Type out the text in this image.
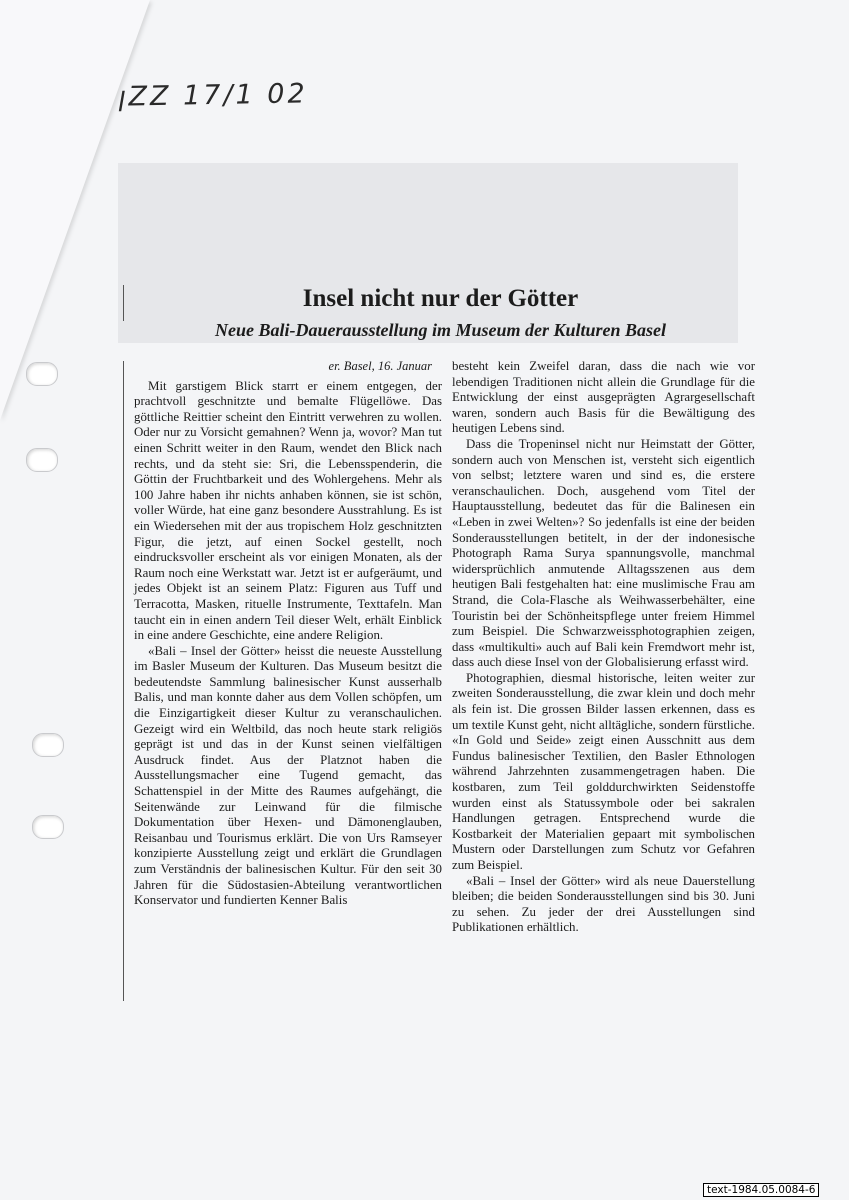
ꞁZZ 17/1 02
Insel nicht nur der Götter
Neue Bali-Dauerausstellung im Museum der Kulturen Basel
er. Basel, 16. Januar

Mit garstigem Blick starrt er einem entgegen, der prachtvoll geschnitzte und bemalte Flügellöwe. Das göttliche Reittier scheint den Eintritt verwehren zu wollen. Oder nur zu Vorsicht gemahnen? Wenn ja, wovor? Man tut einen Schritt weiter in den Raum, wendet den Blick nach rechts, und da steht sie: Sri, die Lebensspenderin, die Göttin der Fruchtbarkeit und des Wohlergehens. Mehr als 100 Jahre haben ihr nichts anhaben können, sie ist schön, voller Würde, hat eine ganz besondere Ausstrahlung. Es ist ein Wiedersehen mit der aus tropischem Holz geschnitzten Figur, die jetzt, auf einen Sockel gestellt, noch eindrucksvoller erscheint als vor einigen Monaten, als der Raum noch eine Werkstatt war. Jetzt ist er aufgeräumt, und jedes Objekt ist an seinem Platz: Figuren aus Tuff und Terracotta, Masken, rituelle Instrumente, Texttafeln. Man taucht ein in einen andern Teil dieser Welt, erhält Einblick in eine andere Geschichte, eine andere Religion.

«Bali – Insel der Götter» heisst die neueste Ausstellung im Basler Museum der Kulturen. Das Museum besitzt die bedeutendste Sammlung balinesischer Kunst ausserhalb Balis, und man konnte daher aus dem Vollen schöpfen, um die Einzigartigkeit dieser Kultur zu veranschaulichen. Gezeigt wird ein Weltbild, das noch heute stark religiös geprägt ist und das in der Kunst seinen vielfältigen Ausdruck findet. Aus der Platznot haben die Ausstellungsmacher eine Tugend gemacht, das Schattenspiel in der Mitte des Raumes aufgehängt, die Seitenwände zur Leinwand für die filmische Dokumentation über Hexen- und Dämonenglauben, Reisanbau und Tourismus erklärt. Die von Urs Ramseyer konzipierte Ausstellung zeigt und erklärt die Grundlagen zum Verständnis der balinesischen Kultur. Für den seit 30 Jahren für die Südostasien-Abteilung verantwortlichen Konservator und fundierten Kenner Balis

besteht kein Zweifel daran, dass die nach wie vor lebendigen Traditionen nicht allein die Grundlage für die Entwicklung der einst ausgeprägten Agrargesellschaft waren, sondern auch Basis für die Bewältigung des heutigen Lebens sind.

Dass die Tropeninsel nicht nur Heimstatt der Götter, sondern auch von Menschen ist, versteht sich eigentlich von selbst; letztere waren und sind es, die erstere veranschaulichen. Doch, ausgehend vom Titel der Hauptausstellung, bedeutet das für die Balinesen ein «Leben in zwei Welten»? So jedenfalls ist eine der beiden Sonderausstellungen betitelt, in der der indonesische Photograph Rama Surya spannungsvolle, manchmal widersprüchlich anmutende Alltagsszenen aus dem heutigen Bali festgehalten hat: eine muslimische Frau am Strand, die Cola-Flasche als Weihwasserbehälter, eine Touristin bei der Schönheitspflege unter freiem Himmel zum Beispiel. Die Schwarzweissphotographien zeigen, dass «multikulti» auch auf Bali kein Fremdwort mehr ist, dass auch diese Insel von der Globalisierung erfasst wird.

Photographien, diesmal historische, leiten weiter zur zweiten Sonderausstellung, die zwar klein und doch mehr als fein ist. Die grossen Bilder lassen erkennen, dass es um textile Kunst geht, nicht alltägliche, sondern fürstliche. «In Gold und Seide» zeigt einen Ausschnitt aus dem Fundus balinesischer Textilien, den Basler Ethnologen während Jahrzehnten zusammengetragen haben. Die kostbaren, zum Teil golddurchwirkten Seidenstoffe wurden einst als Statussymbole oder bei sakralen Handlungen getragen. Entsprechend wurde die Kostbarkeit der Materialien gepaart mit symbolischen Mustern oder Darstellungen zum Schutz vor Gefahren zum Beispiel.

«Bali – Insel der Götter» wird als neue Dauerstellung bleiben; die beiden Sonderausstellungen sind bis 30. Juni zu sehen. Zu jeder der drei Ausstellungen sind Publikationen erhältlich.

text-1984.05.0084-6
